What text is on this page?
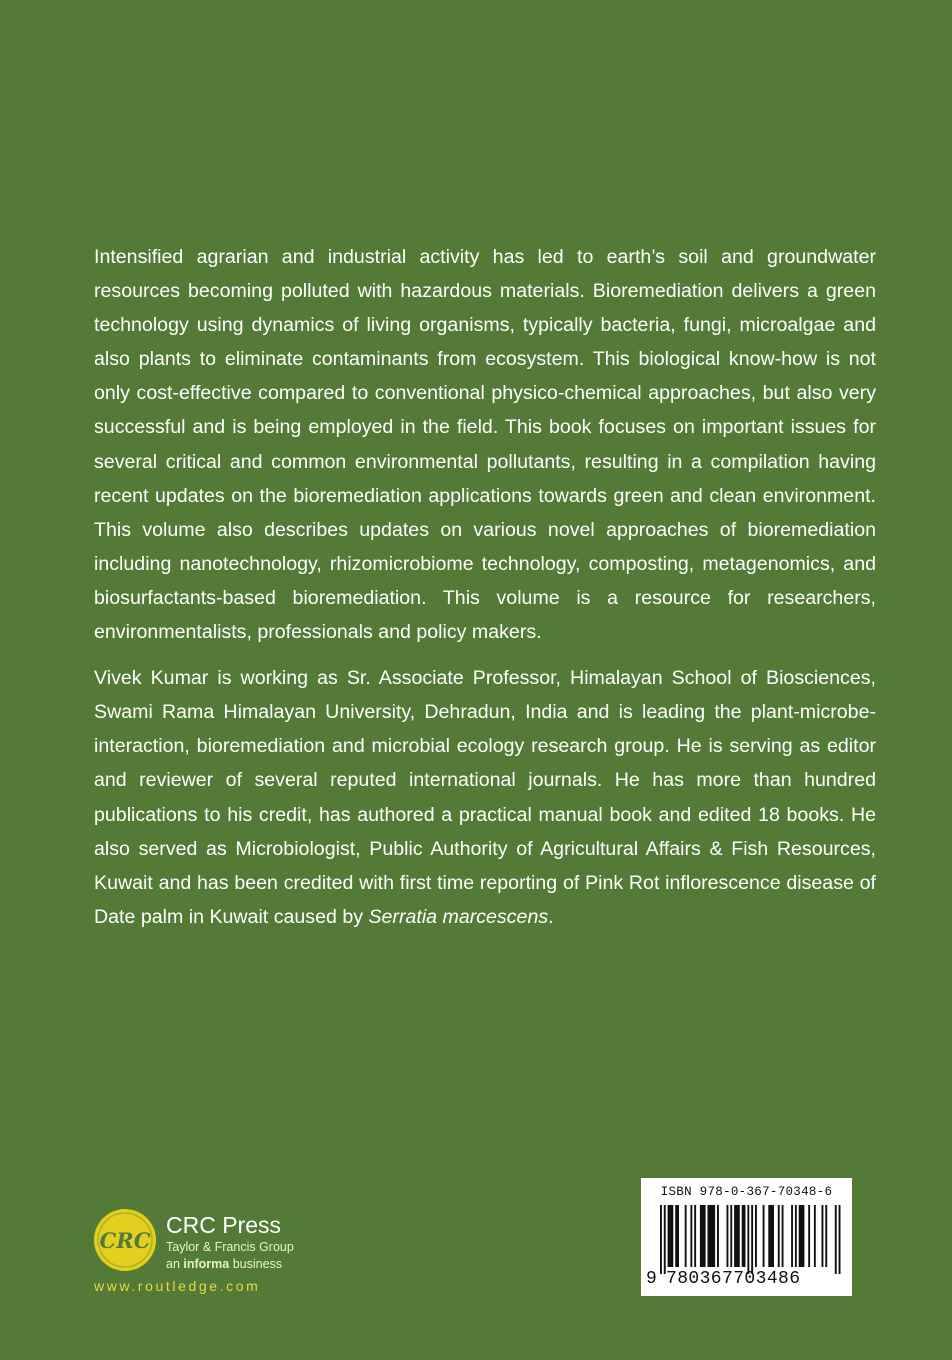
Intensified agrarian and industrial activity has led to earth’s soil and groundwater resources becoming polluted with hazardous materials. Bioremediation delivers a green technology using dynamics of living organisms, typically bacteria, fungi, microalgae and also plants to eliminate contaminants from ecosystem. This biological know-how is not only cost-effective compared to conventional physico-chemical approaches, but also very successful and is being employed in the field. This book focuses on important issues for several critical and common environmental pollutants, resulting in a compilation having recent updates on the bioremediation applications towards green and clean environment. This volume also describes updates on various novel approaches of bioremediation including nanotechnology, rhizomicrobiome technology, composting, metagenomics, and biosurfactants-based bioremediation. This volume is a resource for researchers, environmentalists, professionals and policy makers.

Vivek Kumar is working as Sr. Associate Professor, Himalayan School of Biosciences, Swami Rama Himalayan University, Dehradun, India and is leading the plant-microbe-interaction, bioremediation and microbial ecology research group. He is serving as editor and reviewer of several reputed international journals. He has more than hundred publications to his credit, has authored a practical manual book and edited 18 books. He also served as Microbiologist, Public Authority of Agricultural Affairs & Fish Resources, Kuwait and has been credited with first time reporting of Pink Rot inflorescence disease of Date palm in Kuwait caused by Serratia marcescens.

CRC
CRC Press
Taylor & Francis Group
an informa business
www.routledge.com
ISBN 978-0-367-70348-6
9 780367703486
